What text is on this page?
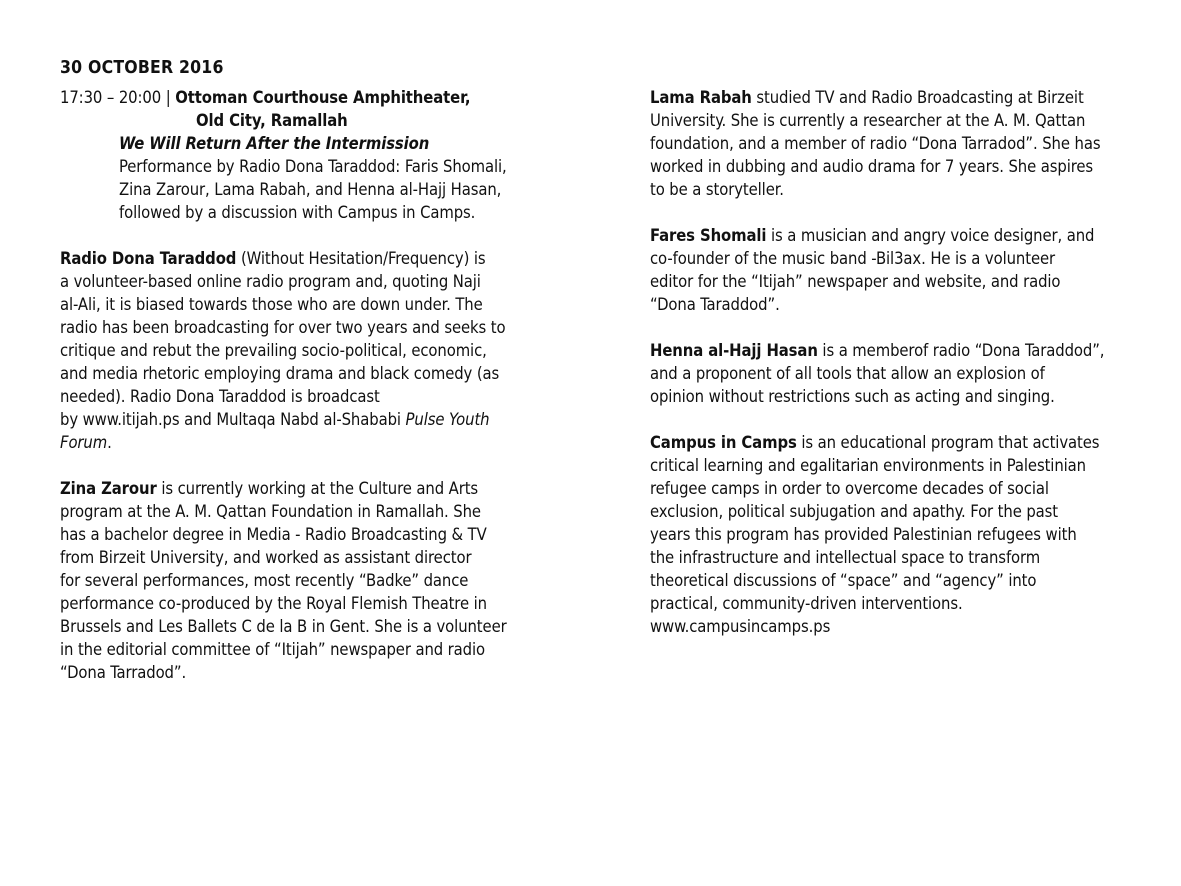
30 OCTOBER 2016
17:30 – 20:00 | Ottoman Courthouse Amphitheater,
Old City, Ramallah
We Will Return After the Intermission
Performance by Radio Dona Taraddod: Faris Shomali,
Zina Zarour, Lama Rabah, and Henna al-Hajj Hasan,
followed by a discussion with Campus in Camps.
Radio Dona Taraddod (Without Hesitation/Frequency) is
a volunteer-based online radio program and, quoting Naji
al-Ali, it is biased towards those who are down under. The
radio has been broadcasting for over two years and seeks to
critique and rebut the prevailing socio-political, economic,
and media rhetoric employing drama and black comedy (as
needed). Radio Dona Taraddod is broadcast
by www.itijah.ps and Multaqa Nabd al-Shababi Pulse Youth
Forum.
Zina Zarour is currently working at the Culture and Arts
program at the A. M. Qattan Foundation in Ramallah. She
has a bachelor degree in Media - Radio Broadcasting & TV
from Birzeit University, and worked as assistant director
for several performances, most recently “Badke” dance
performance co-produced by the Royal Flemish Theatre in
Brussels and Les Ballets C de la B in Gent. She is a volunteer
in the editorial committee of “Itijah” newspaper and radio
“Dona Tarradod”.
Lama Rabah studied TV and Radio Broadcasting at Birzeit
University. She is currently a researcher at the A. M. Qattan
foundation, and a member of radio “Dona Tarradod”. She has
worked in dubbing and audio drama for 7 years. She aspires
to be a storyteller.
Fares Shomali is a musician and angry voice designer, and
co-founder of the music band -Bil3ax. He is a volunteer
editor for the “Itijah” newspaper and website, and radio
“Dona Taraddod”.
Henna al-Hajj Hasan is a memberof radio “Dona Taraddod”,
and a proponent of all tools that allow an explosion of
opinion without restrictions such as acting and singing.
Campus in Camps is an educational program that activates
critical learning and egalitarian environments in Palestinian
refugee camps in order to overcome decades of social
exclusion, political subjugation and apathy. For the past
years this program has provided Palestinian refugees with
the infrastructure and intellectual space to transform
theoretical discussions of “space” and “agency” into
practical, community-driven interventions.
www.campusincamps.ps
